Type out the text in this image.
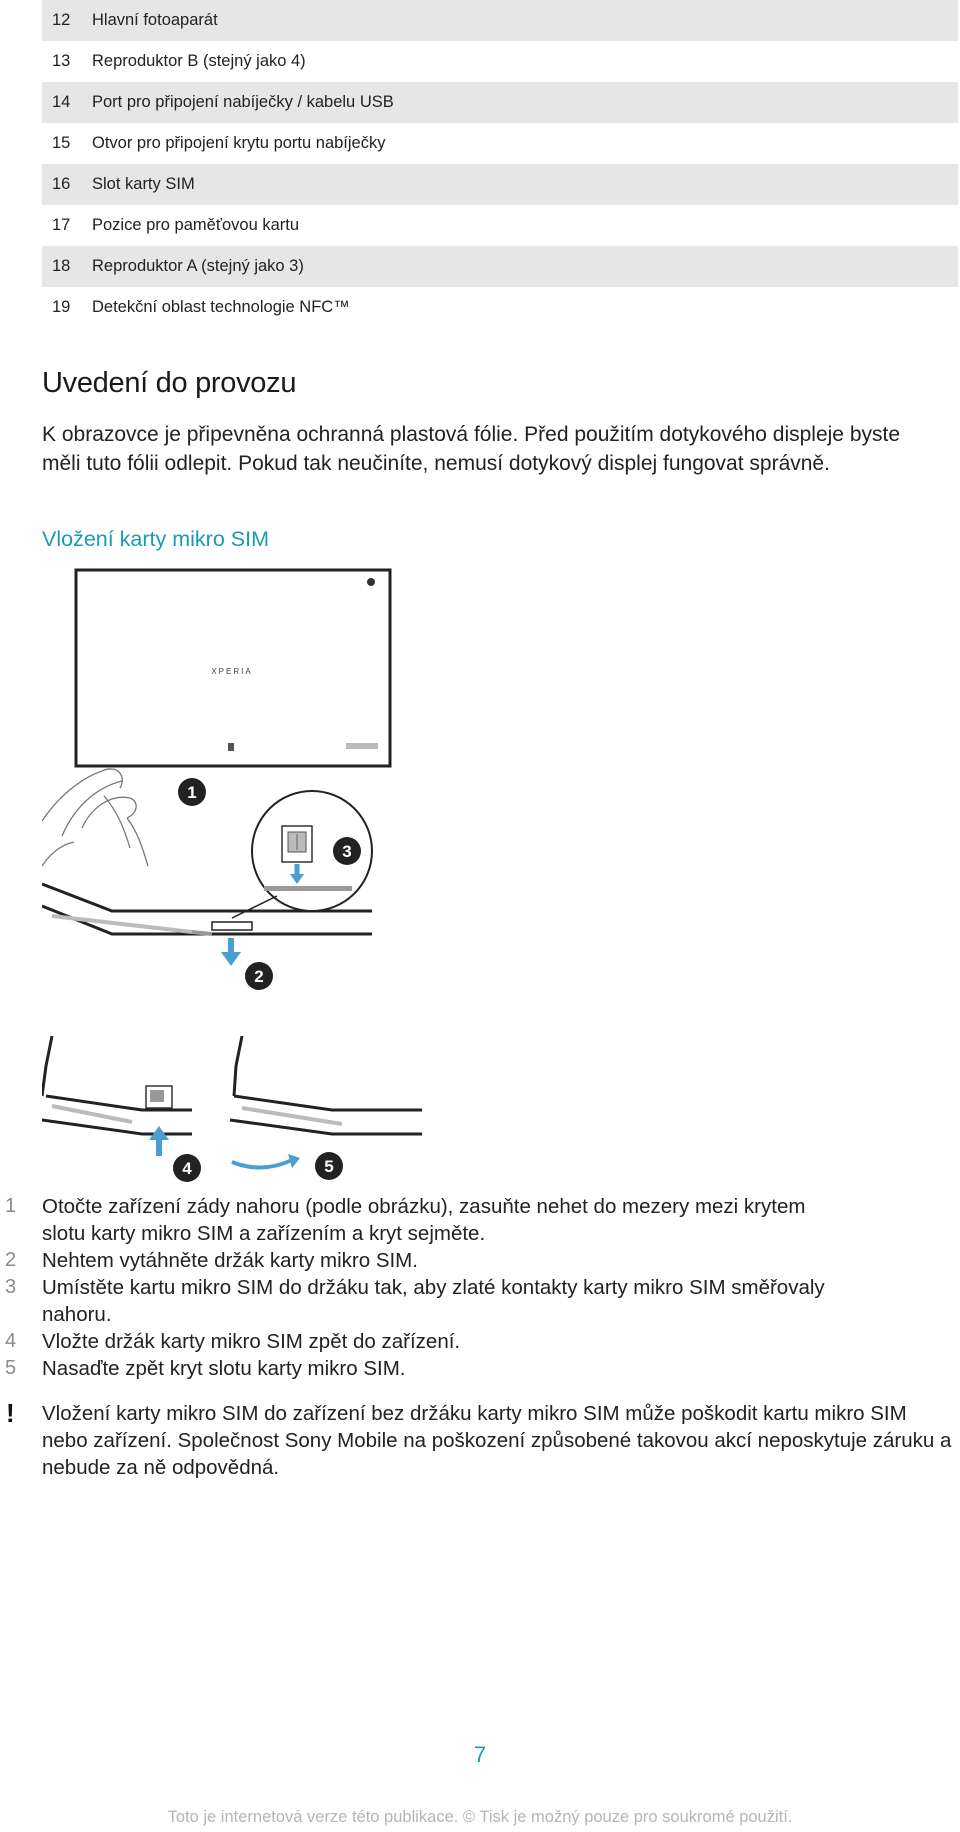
12	Hlavní fotoaparát
13	Reproduktor B (stejný jako 4)
14	Port pro připojení nabíječky / kabelu USB
15	Otvor pro připojení krytu portu nabíječky
16	Slot karty SIM
17	Pozice pro paměťovou kartu
18	Reproduktor A (stejný jako 3)
19	Detekční oblast technologie NFC™
Uvedení do provozu
K obrazovce je připevněna ochranná plastová fólie. Před použitím dotykového displeje byste měli tuto fólii odlepit. Pokud tak neučiníte, nemusí dotykový displej fungovat správně.
Vložení karty mikro SIM
XPERIA
1
3
2
4	5
1	Otočte zařízení zády nahoru (podle obrázku), zasuňte nehet do mezery mezi krytem slotu karty mikro SIM a zařízením a kryt sejměte.
2	Nehtem vytáhněte držák karty mikro SIM.
3	Umístěte kartu mikro SIM do držáku tak, aby zlaté kontakty karty mikro SIM směřovaly nahoru.
4	Vložte držák karty mikro SIM zpět do zařízení.
5	Nasaďte zpět kryt slotu karty mikro SIM.
! Vložení karty mikro SIM do zařízení bez držáku karty mikro SIM může poškodit kartu mikro SIM nebo zařízení. Společnost Sony Mobile na poškození způsobené takovou akcí neposkytuje záruku a nebude za ně odpovědná.
7
Toto je internetová verze této publikace. © Tisk je možný pouze pro soukromé použití.
